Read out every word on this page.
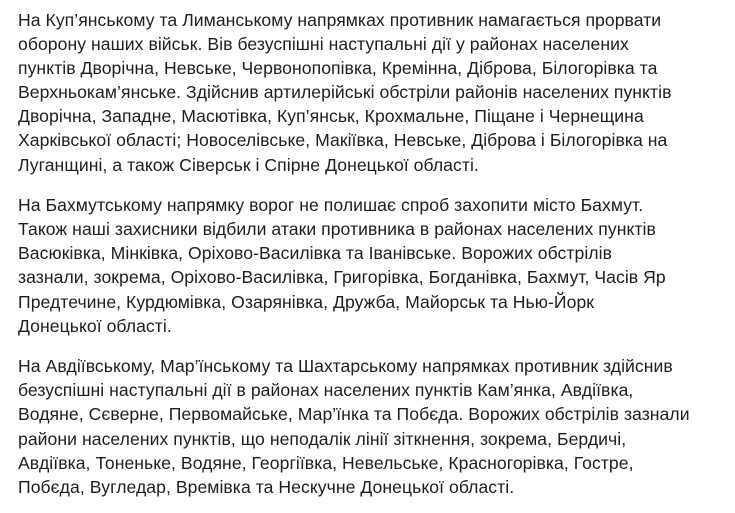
На Куп’янському та Лиманському напрямках противник намагається прорвати
оборону наших військ. Вів безуспішні наступальні дії у районах населених
пунктів Дворічна, Невське, Червонопопівка, Кремінна, Діброва, Білогорівка та
Верхньокам’янське. Здійснив артилерійські обстріли районів населених пунктів
Дворічна, Западне, Масютівка, Куп’янськ, Крохмальне, Піщане і Чернещина
Харківської області; Новоселівське, Макіївка, Невське, Діброва і Білогорівка на
Луганщині, а також Сіверськ і Спірне Донецької області.

На Бахмутському напрямку ворог не полишає спроб захопити місто Бахмут.
Також наші захисники відбили атаки противника в районах населених пунктів
Васюківка, Мінківка, Оріхово-Василівка та Іванівське. Ворожих обстрілів
зазнали, зокрема, Оріхово-Василівка, Григорівка, Богданівка, Бахмут, Часів Яр
Предтечине, Курдюмівка, Озарянівка, Дружба, Майорськ та Нью-Йорк
Донецької області.

На Авдіївському, Мар’їнському та Шахтарському напрямках противник здійснив
безуспішні наступальні дії в районах населених пунктів Кам’янка, Авдіївка,
Водяне, Сєверне, Первомайське, Мар’їнка та Побєда. Ворожих обстрілів зазнали
райони населених пунктів, що неподалік лінії зіткнення, зокрема, Бердичі,
Авдіївка, Тоненьке, Водяне, Георгіївка, Невельське, Красногорівка, Гостре,
Побєда, Вугледар, Времівка та Нескучне Донецької області.
